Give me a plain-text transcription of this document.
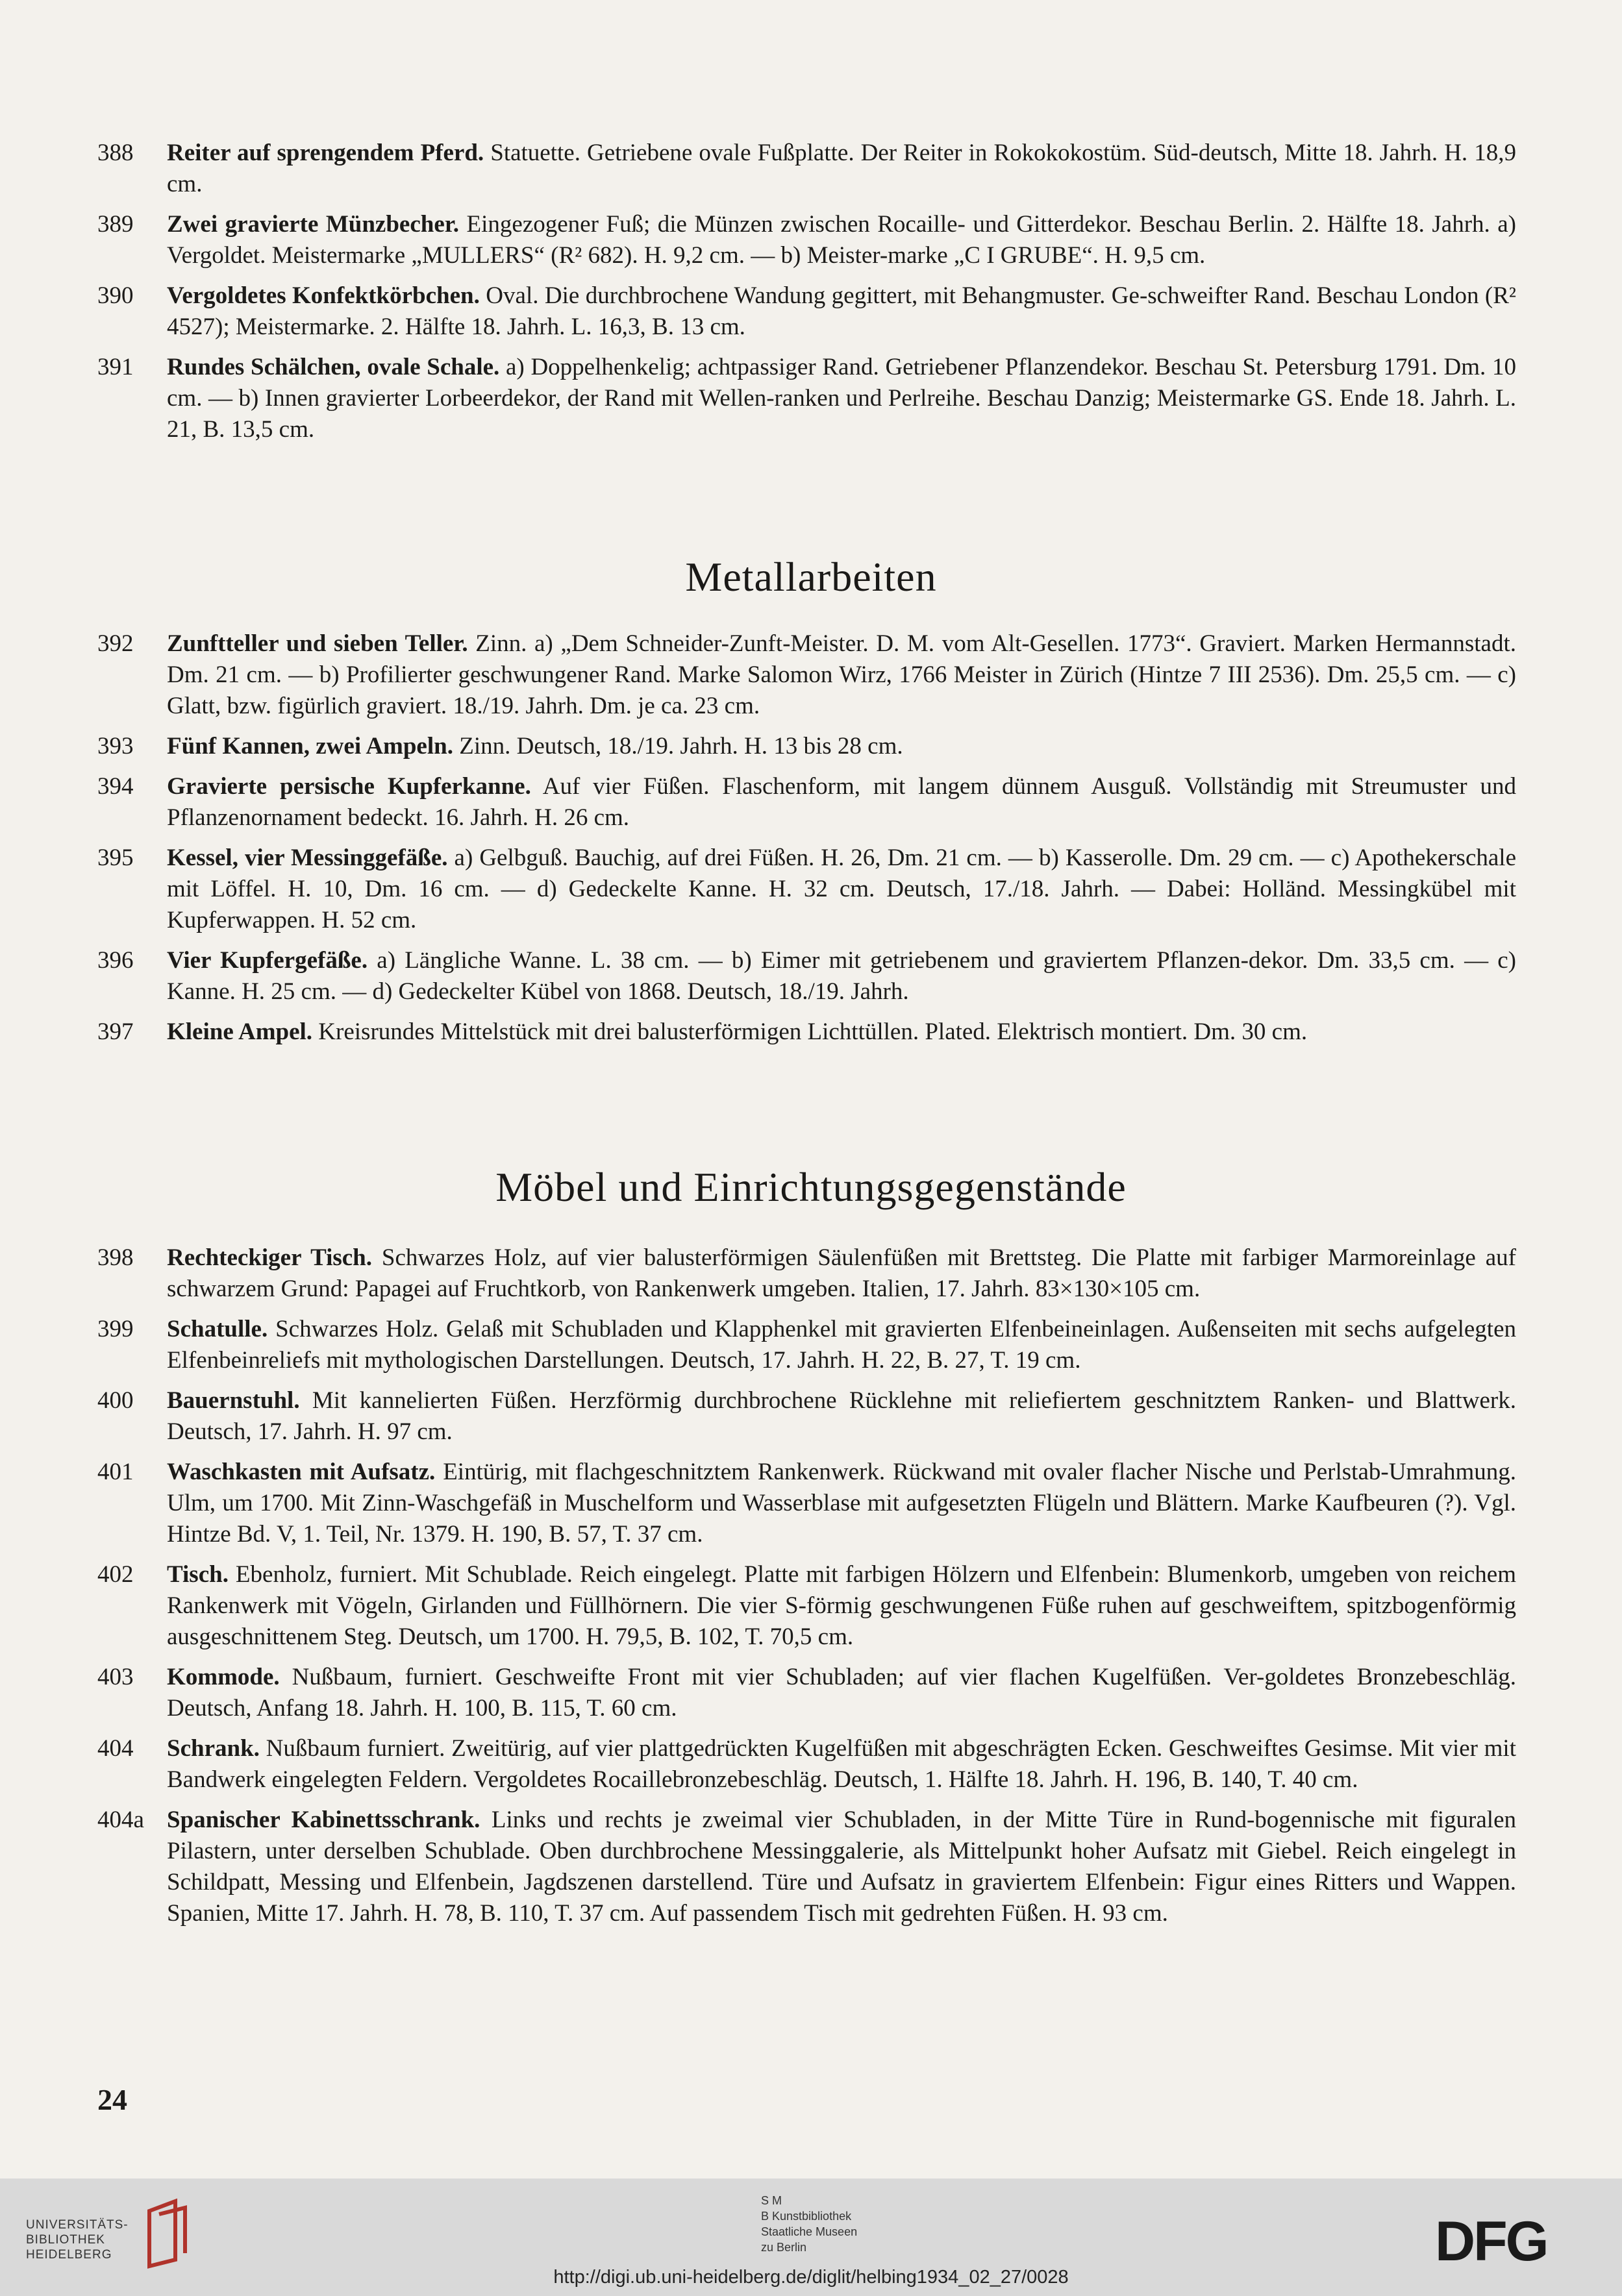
388	Reiter auf sprengendem Pferd. Statuette. Getriebene ovale Fußplatte. Der Reiter in Rokokokostüm. Süd-deutsch, Mitte 18. Jahrh. H. 18,9 cm.
389	Zwei gravierte Münzbecher. Eingezogener Fuß; die Münzen zwischen Rocaille- und Gitterdekor. Beschau Berlin. 2. Hälfte 18. Jahrh. a) Vergoldet. Meistermarke „MULLERS“ (R² 682). H. 9,2 cm. — b) Meister-marke „C I GRUBE“. H. 9,5 cm.
390	Vergoldetes Konfektkörbchen. Oval. Die durchbrochene Wandung gegittert, mit Behangmuster. Ge-schweifter Rand. Beschau London (R² 4527); Meistermarke. 2. Hälfte 18. Jahrh. L. 16,3, B. 13 cm.
391	Rundes Schälchen, ovale Schale. a) Doppelhenkelig; achtpassiger Rand. Getriebener Pflanzendekor. Beschau St. Petersburg 1791. Dm. 10 cm. — b) Innen gravierter Lorbeerdekor, der Rand mit Wellen-ranken und Perlreihe. Beschau Danzig; Meistermarke GS. Ende 18. Jahrh. L. 21, B. 13,5 cm.
Metallarbeiten
392	Zunftteller und sieben Teller. Zinn. a) „Dem Schneider-Zunft-Meister. D. M. vom Alt-Gesellen. 1773“. Graviert. Marken Hermannstadt. Dm. 21 cm. — b) Profilierter geschwungener Rand. Marke Salomon Wirz, 1766 Meister in Zürich (Hintze 7 III 2536). Dm. 25,5 cm. — c) Glatt, bzw. figürlich graviert. 18./19. Jahrh. Dm. je ca. 23 cm.
393	Fünf Kannen, zwei Ampeln. Zinn. Deutsch, 18./19. Jahrh. H. 13 bis 28 cm.
394	Gravierte persische Kupferkanne. Auf vier Füßen. Flaschenform, mit langem dünnem Ausguß. Vollständig mit Streumuster und Pflanzenornament bedeckt. 16. Jahrh. H. 26 cm.
395	Kessel, vier Messinggefäße. a) Gelbguß. Bauchig, auf drei Füßen. H. 26, Dm. 21 cm. — b) Kasserolle. Dm. 29 cm. — c) Apothekerschale mit Löffel. H. 10, Dm. 16 cm. — d) Gedeckelte Kanne. H. 32 cm. Deutsch, 17./18. Jahrh. — Dabei: Holländ. Messingkübel mit Kupferwappen. H. 52 cm.
396	Vier Kupfergefäße. a) Längliche Wanne. L. 38 cm. — b) Eimer mit getriebenem und graviertem Pflanzen-dekor. Dm. 33,5 cm. — c) Kanne. H. 25 cm. — d) Gedeckelter Kübel von 1868. Deutsch, 18./19. Jahrh.
397	Kleine Ampel. Kreisrundes Mittelstück mit drei balusterförmigen Lichttüllen. Plated. Elektrisch montiert. Dm. 30 cm.
Möbel und Einrichtungsgegenstände
398	Rechteckiger Tisch. Schwarzes Holz, auf vier balusterförmigen Säulenfüßen mit Brettsteg. Die Platte mit farbiger Marmoreinlage auf schwarzem Grund: Papagei auf Fruchtkorb, von Rankenwerk umgeben. Italien, 17. Jahrh. 83×130×105 cm.
399	Schatulle. Schwarzes Holz. Gelaß mit Schubladen und Klapphenkel mit gravierten Elfenbeineinlagen. Außenseiten mit sechs aufgelegten Elfenbeinreliefs mit mythologischen Darstellungen. Deutsch, 17. Jahrh. H. 22, B. 27, T. 19 cm.
400	Bauernstuhl. Mit kannelierten Füßen. Herzförmig durchbrochene Rücklehne mit reliefiertem geschnitztem Ranken- und Blattwerk. Deutsch, 17. Jahrh. H. 97 cm.
401	Waschkasten mit Aufsatz. Eintürig, mit flachgeschnitztem Rankenwerk. Rückwand mit ovaler flacher Nische und Perlstab-Umrahmung. Ulm, um 1700. Mit Zinn-Waschgefäß in Muschelform und Wasserblase mit aufgesetzten Flügeln und Blättern. Marke Kaufbeuren (?). Vgl. Hintze Bd. V, 1. Teil, Nr. 1379. H. 190, B. 57, T. 37 cm.
402	Tisch. Ebenholz, furniert. Mit Schublade. Reich eingelegt. Platte mit farbigen Hölzern und Elfenbein: Blumenkorb, umgeben von reichem Rankenwerk mit Vögeln, Girlanden und Füllhörnern. Die vier S-förmig geschwungenen Füße ruhen auf geschweiftem, spitzbogenförmig ausgeschnittenem Steg. Deutsch, um 1700. H. 79,5, B. 102, T. 70,5 cm.
403	Kommode. Nußbaum, furniert. Geschweifte Front mit vier Schubladen; auf vier flachen Kugelfüßen. Ver-goldetes Bronzebeschläg. Deutsch, Anfang 18. Jahrh. H. 100, B. 115, T. 60 cm.
404	Schrank. Nußbaum furniert. Zweitürig, auf vier plattgedrückten Kugelfüßen mit abgeschrägten Ecken. Geschweiftes Gesimse. Mit vier mit Bandwerk eingelegten Feldern. Vergoldetes Rocaillebronzebeschläg. Deutsch, 1. Hälfte 18. Jahrh. H. 196, B. 140, T. 40 cm.
404a Spanischer Kabinettsschrank. Links und rechts je zweimal vier Schubladen, in der Mitte Türe in Rund-bogennische mit figuralen Pilastern, unter derselben Schublade. Oben durchbrochene Messinggalerie, als Mittelpunkt hoher Aufsatz mit Giebel. Reich eingelegt in Schildpatt, Messing und Elfenbein, Jagdszenen darstellend. Türe und Aufsatz in graviertem Elfenbein: Figur eines Ritters und Wappen. Spanien, Mitte 17. Jahrh. H. 78, B. 110, T. 37 cm. Auf passendem Tisch mit gedrehten Füßen. H. 93 cm.
24
UNIVERSITÄTS-
BIBLIOTHEK
HEIDELBERG
S M
B Kunstbibliothek
Staatliche Museen
zu Berlin	DFG
http://digi.ub.uni-heidelberg.de/diglit/helbing1934_02_27/0028
